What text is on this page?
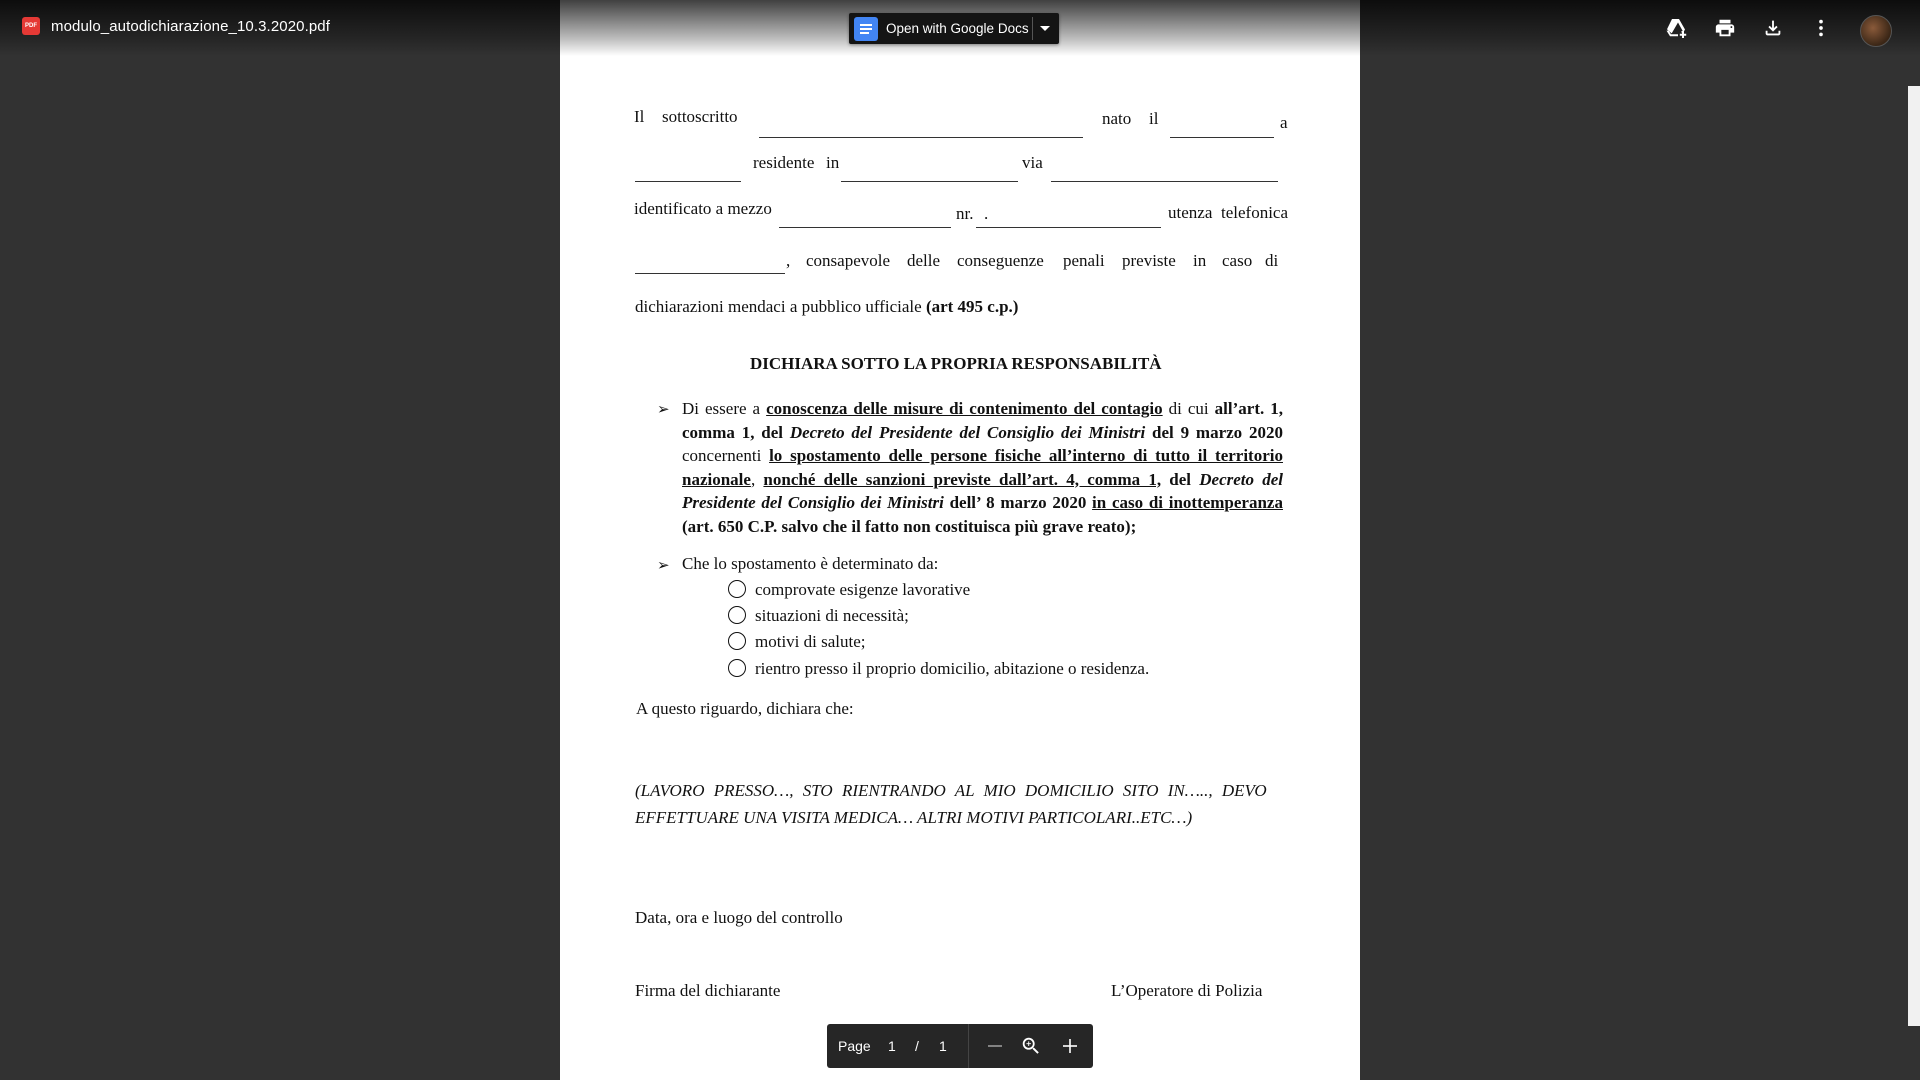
PDF modulo_autodichiarazione_10.3.2020.pdf	Open with Google Docs
Il sottoscritto	nato il	a
residente in	via
identificato a mezzo	nr. .	utenza telefonica
, consapevole delle conseguenze penali previste in caso di
dichiarazioni mendaci a pubblico ufficiale (art 495 c.p.)
DICHIARA SOTTO LA PROPRIA RESPONSABILITÀ
➢ Di essere a conoscenza delle misure di contenimento del contagio di cui all’art. 1, comma 1, del Decreto del Presidente del Consiglio dei Ministri del 9 marzo 2020 concernenti lo spostamento delle persone fisiche all’interno di tutto il territorio nazionale, nonché delle sanzioni previste dall’art. 4, comma 1, del Decreto del Presidente del Consiglio dei Ministri dell’ 8 marzo 2020 in caso di inottemperanza (art. 650 C.P. salvo che il fatto non costituisca più grave reato);
➢ Che lo spostamento è determinato da:
comprovate esigenze lavorative
situazioni di necessità;
motivi di salute;
rientro presso il proprio domicilio, abitazione o residenza.
A questo riguardo, dichiara che:
(LAVORO PRESSO…, STO RIENTRANDO AL MIO DOMICILIO SITO IN….., DEVO
EFFETTUARE UNA VISITA MEDICA… ALTRI MOTIVI PARTICOLARI..ETC…)
Data, ora e luogo del controllo
Firma del dichiarante	L’Operatore di Polizia
Page 1 / 1
